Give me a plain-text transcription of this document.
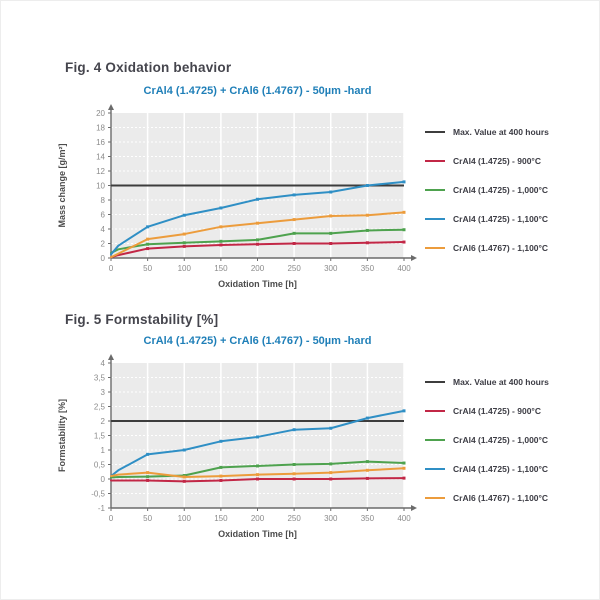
Fig. 4 Oxidation behavior
CrAl4 (1.4725) + CrAl6 (1.4767) - 50µm -hard
0	50	100	150	200	250	300	350	400
0
2
4
6
8
10
12
14
16
18
20
Oxidation Time [h]
Mass change [g/m²]
Max. Value at 400 hours
CrAl4 (1.4725) - 900°C
CrAl4 (1.4725) - 1,000°C
CrAl4 (1.4725) - 1,100°C
CrAl6 (1.4767) - 1,100°C
Fig. 5 Formstability [%]
CrAl4 (1.4725) + CrAl6 (1.4767) - 50µm -hard
0	50	100	150	200	250	300	350	400
-1
-0,5
0
0,5
1
1,5
2
2,5
3
3,5
4
Oxidation Time [h]
Formstability [%]
Max. Value at 400 hours
CrAl4 (1.4725) - 900°C
CrAl4 (1.4725) - 1,000°C
CrAl4 (1.4725) - 1,100°C
CrAl6 (1.4767) - 1,100°C
